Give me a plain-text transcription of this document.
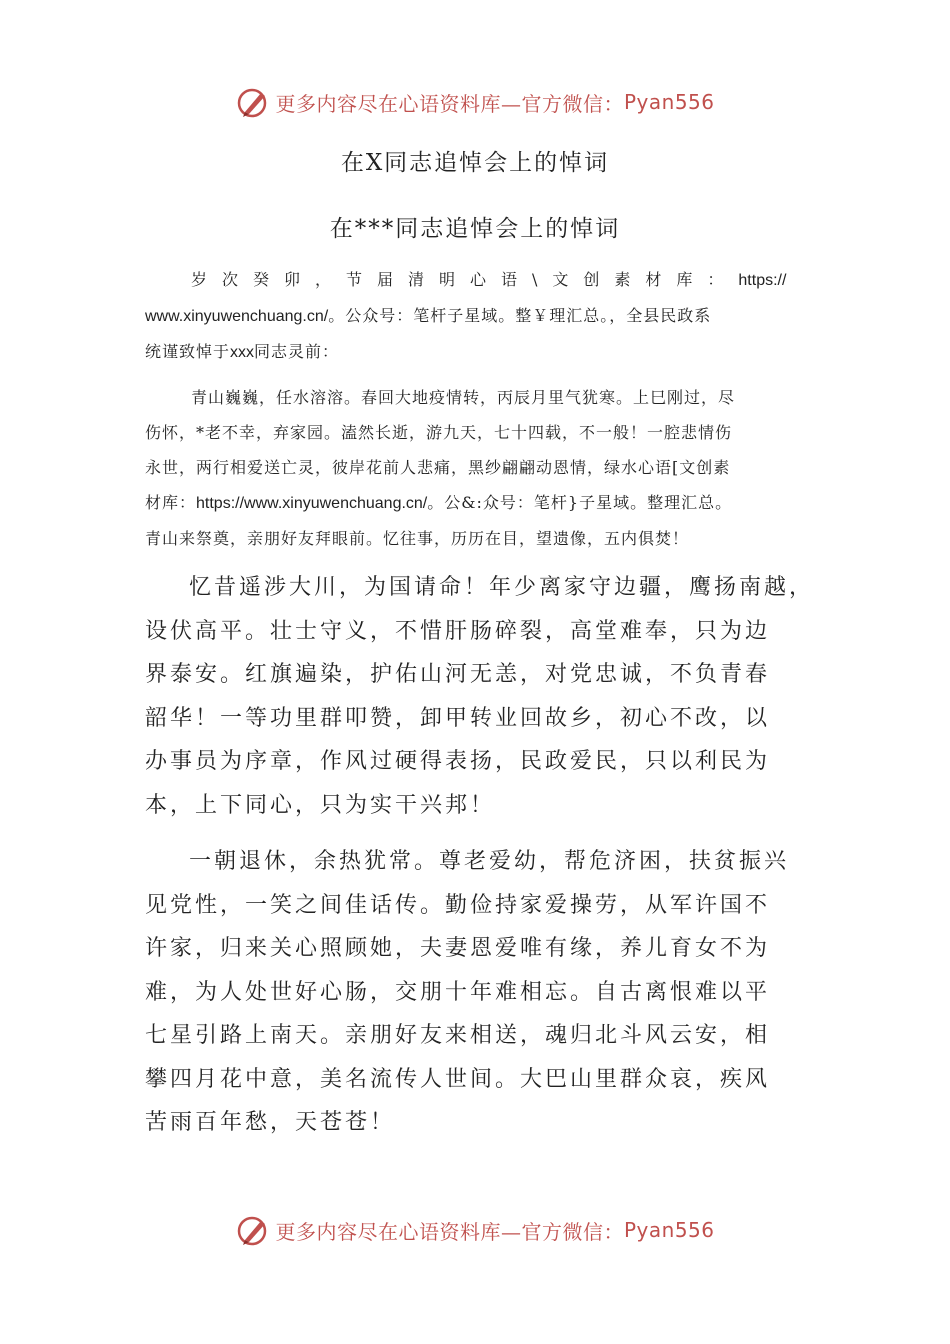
更多内容尽在心语资料库—官方微信： Pyan556
在X同志追悼会上的悼词
在***同志追悼会上的悼词

岁次癸卯，节届清明心语\文创素材库：https://

www.xinyuwenchuang.cn/。公众号：笔杆子星域。整￥理汇总。，全县民政系

统谨致悼于xxx同志灵前：

青山巍巍，任水溶溶。春回大地疫情转，丙辰月里气犹寒。上巳刚过，尽

伤怀，*老不幸，弃家园。溘然长逝，游九天，七十四载，不一般！一腔悲情伤

永世，两行相爱送亡灵，彼岸花前人悲痛，黑纱翩翩动恩情，绿水心语[文创素

材库：https://www.xinyuwenchuang.cn/。公&:众号：笔杆}子星域。整理汇总。

青山来祭奠，亲朋好友拜眼前。忆往事，历历在目，望遗像，五内俱焚！

忆昔遥涉大川，为国请命！年少离家守边疆，鹰扬南越，
设伏高平。壮士守义，不惜肝肠碎裂，高堂难奉，只为边
界泰安。红旗遍染，护佑山河无恙，对党忠诚，不负青春
韶华！一等功里群叩赞，卸甲转业回故乡，初心不改，以
办事员为序章，作风过硬得表扬，民政爱民，只以利民为
本，上下同心，只为实干兴邦！
一朝退休，余热犹常。尊老爱幼，帮危济困，扶贫振兴
见党性，一笑之间佳话传。勤俭持家爱操劳，从军许国不
许家，归来关心照顾她，夫妻恩爱唯有缘，养儿育女不为
难，为人处世好心肠，交朋十年难相忘。自古离恨难以平
七星引路上南天。亲朋好友来相送，魂归北斗风云安，相
攀四月花中意，美名流传人世间。大巴山里群众哀，疾风
苦雨百年愁，天苍苍！
更多内容尽在心语资料库—官方微信： Pyan556
